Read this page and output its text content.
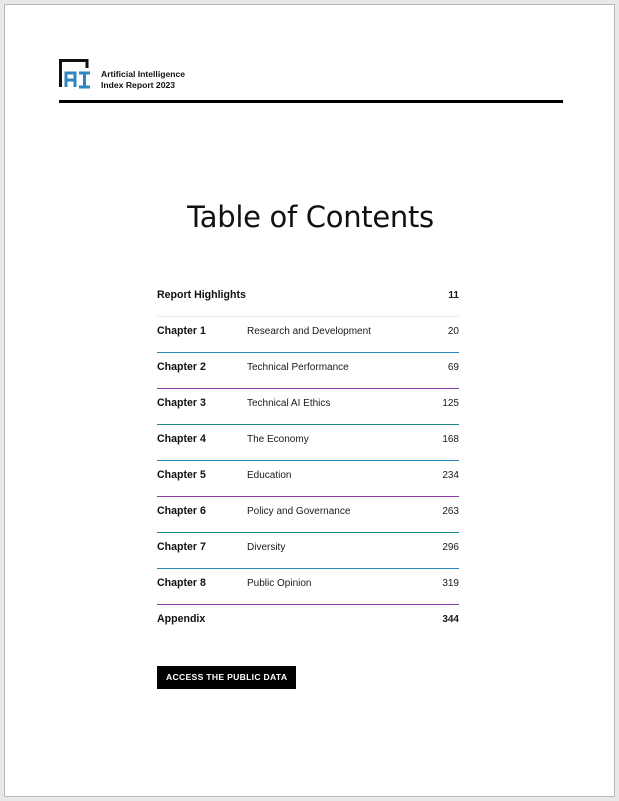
Artificial Intelligence
Index Report 2023
Table of Contents
Report Highlights	11
Chapter 1	Research and Development	20
Chapter 2	Technical Performance	69
Chapter 3	Technical AI Ethics	125
Chapter 4	The Economy	168
Chapter 5	Education	234
Chapter 6	Policy and Governance	263
Chapter 7	Diversity	296
Chapter 8	Public Opinion	319
Appendix	344
ACCESS THE PUBLIC DATA
